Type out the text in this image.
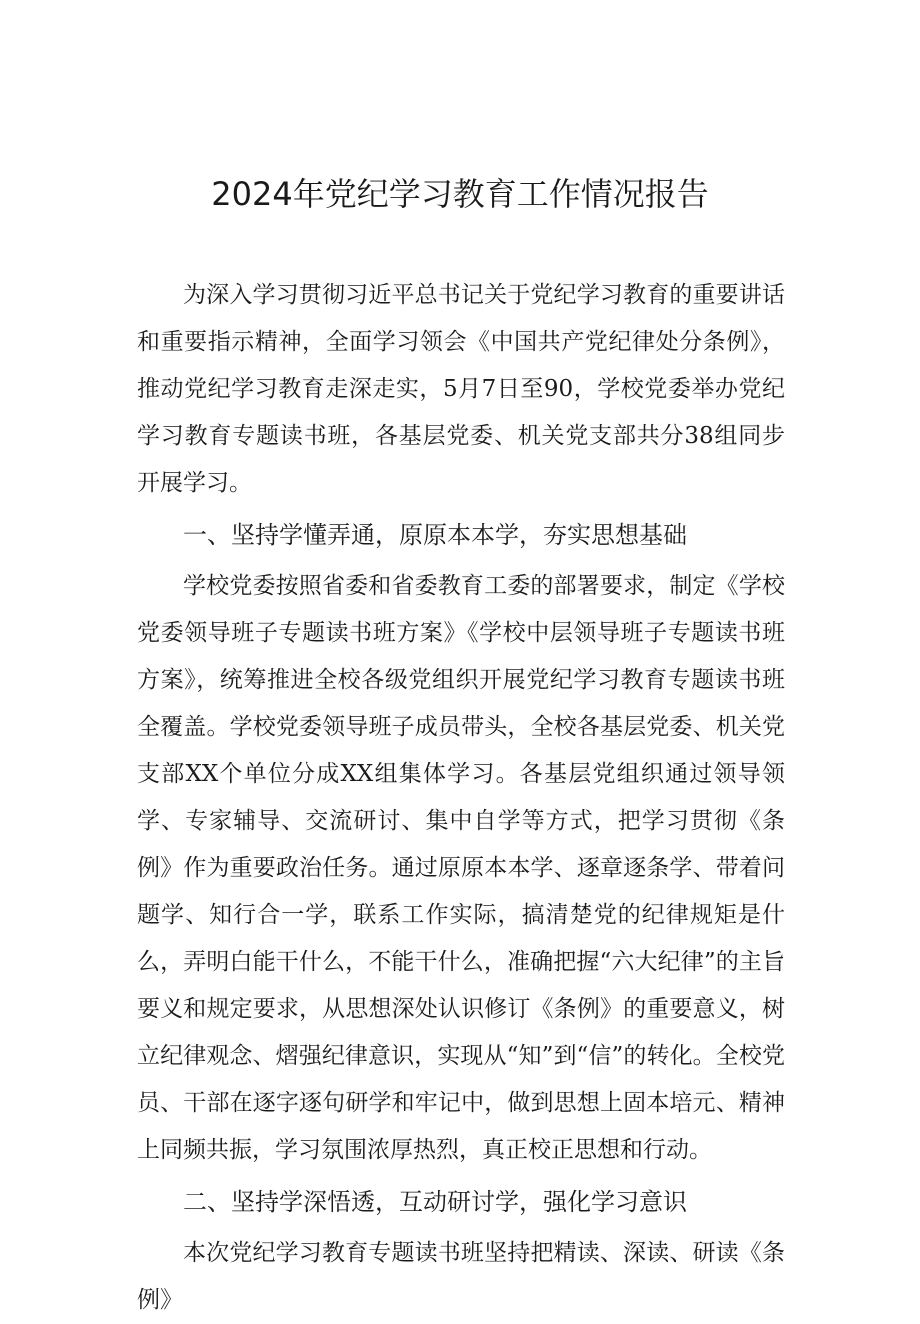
2024年党纪学习教育工作情况报告

为深入学习贯彻习近平总书记关于党纪学习教育的重要讲话和重要指示精神，全面学习领会《中国共产党纪律处分条例》，推动党纪学习教育走深走实，5月7日至90，学校党委举办党纪学习教育专题读书班，各基层党委、机关党支部共分38组同步开展学习。

一、坚持学懂弄通，原原本本学，夯实思想基础

学校党委按照省委和省委教育工委的部署要求，制定《学校党委领导班子专题读书班方案》《学校中层领导班子专题读书班方案》，统筹推进全校各级党组织开展党纪学习教育专题读书班全覆盖。学校党委领导班子成员带头，全校各基层党委、机关党支部XX个单位分成XX组集体学习。各基层党组织通过领导领学、专家辅导、交流研讨、集中自学等方式，把学习贯彻《条例》作为重要政治任务。通过原原本本学、逐章逐条学、带着问题学、知行合一学，联系工作实际，搞清楚党的纪律规矩是什么，弄明白能干什么，不能干什么，准确把握“六大纪律”的主旨要义和规定要求，从思想深处认识修订《条例》的重要意义，树立纪律观念、熠强纪律意识，实现从“知”到“信”的转化。全校党员、干部在逐字逐句研学和牢记中，做到思想上固本培元、精神上同频共振，学习氛围浓厚热烈，真正校正思想和行动。

二、坚持学深悟透，互动研讨学，强化学习意识

本次党纪学习教育专题读书班坚持把精读、深读、研读《条例》
